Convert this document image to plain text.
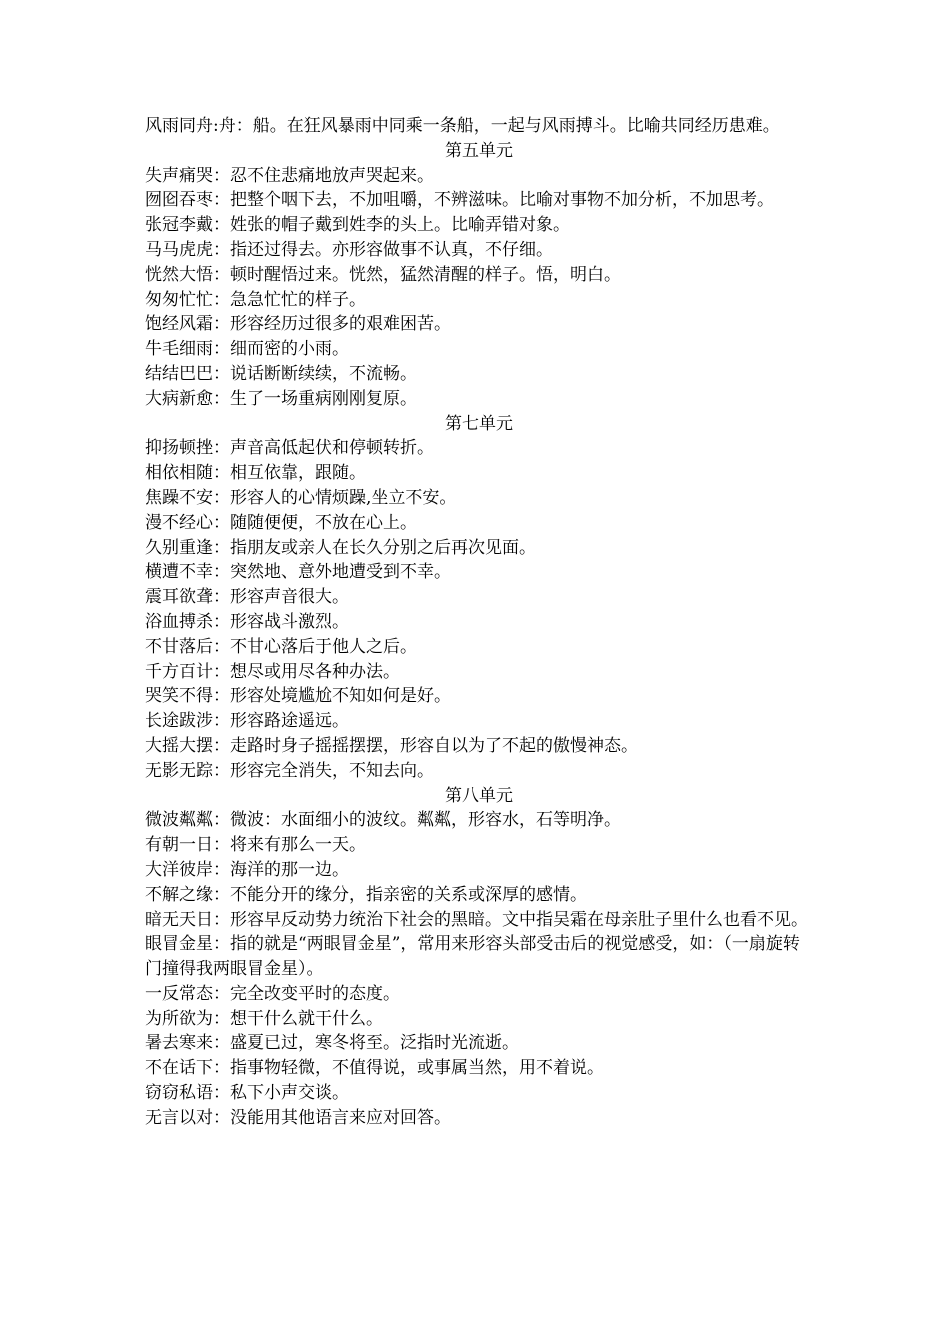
风雨同舟:舟：船。在狂风暴雨中同乘一条船，一起与风雨搏斗。比喻共同经历患难。
第五单元
失声痛哭：忍不住悲痛地放声哭起来。
囫囵吞枣：把整个咽下去，不加咀嚼，不辨滋味。比喻对事物不加分析，不加思考。
张冠李戴：姓张的帽子戴到姓李的头上。比喻弄错对象。
马马虎虎：指还过得去。亦形容做事不认真，不仔细。
恍然大悟：顿时醒悟过来。恍然，猛然清醒的样子。悟，明白。
匆匆忙忙：急急忙忙的样子。
饱经风霜：形容经历过很多的艰难困苦。
牛毛细雨：细而密的小雨。
结结巴巴：说话断断续续，不流畅。
大病新愈：生了一场重病刚刚复原。
第七单元
抑扬顿挫：声音高低起伏和停顿转折。
相依相随：相互依靠，跟随。
焦躁不安：形容人的心情烦躁,坐立不安。
漫不经心：随随便便，不放在心上。
久别重逢：指朋友或亲人在长久分别之后再次见面。
横遭不幸：突然地、意外地遭受到不幸。
震耳欲聋：形容声音很大。
浴血搏杀：形容战斗激烈。
不甘落后：不甘心落后于他人之后。
千方百计：想尽或用尽各种办法。
哭笑不得：形容处境尴尬不知如何是好。
长途跋涉：形容路途遥远。
大摇大摆：走路时身子摇摇摆摆，形容自以为了不起的傲慢神态。
无影无踪：形容完全消失，不知去向。
第八单元
微波粼粼：微波：水面细小的波纹。粼粼，形容水，石等明净。
有朝一日：将来有那么一天。
大洋彼岸：海洋的那一边。
不解之缘：不能分开的缘分，指亲密的关系或深厚的感情。
暗无天日：形容早反动势力统治下社会的黑暗。文中指吴霜在母亲肚子里什么也看不见。
眼冒金星：指的就是“两眼冒金星”，常用来形容头部受击后的视觉感受，如：（一扇旋转门撞得我两眼冒金星）。
一反常态：完全改变平时的态度。
为所欲为：想干什么就干什么。
暑去寒来：盛夏已过，寒冬将至。泛指时光流逝。
不在话下：指事物轻微，不值得说，或事属当然，用不着说。
窃窃私语：私下小声交谈。
无言以对：没能用其他语言来应对回答。
